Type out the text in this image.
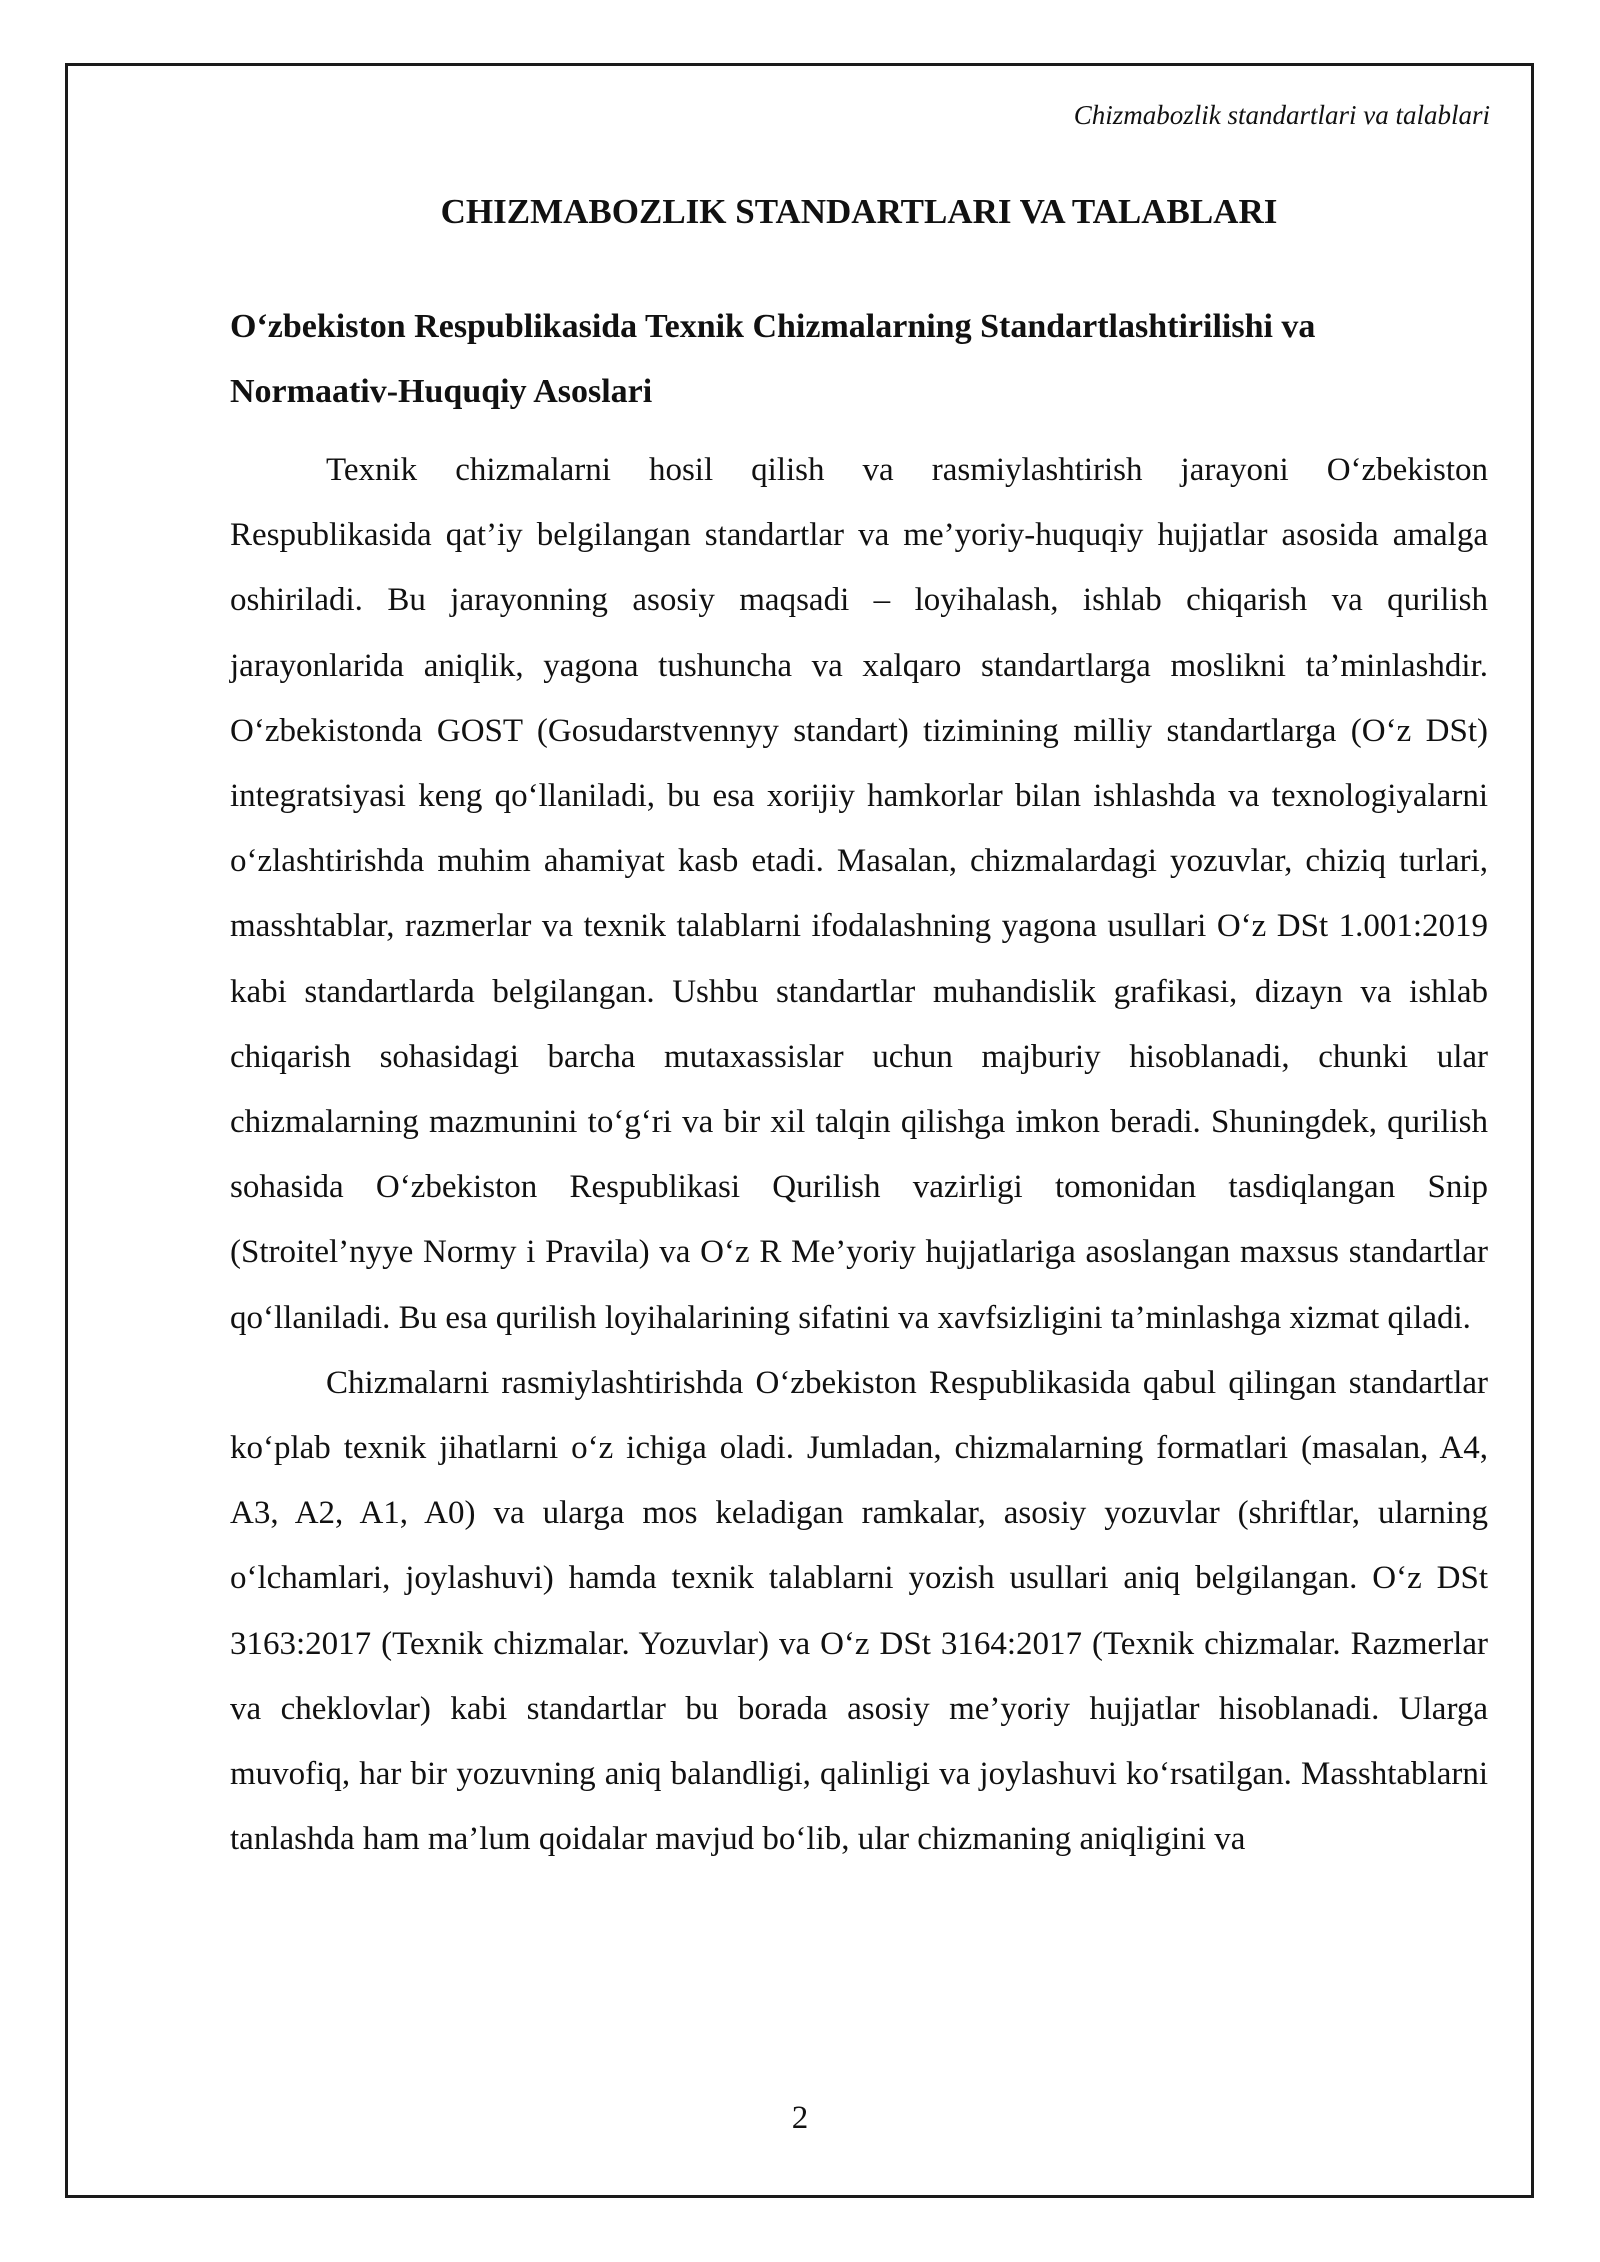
Chizmabozlik standartlari va talablari
CHIZMABOZLIK STANDARTLARI VA TALABLARI
O‘zbekiston Respublikasida Texnik Chizmalarning Standartlashtirilishi va Normaativ-Huquqiy Asoslari

Texnik chizmalarni hosil qilish va rasmiylashtirish jarayoni O‘zbekiston Respublikasida qat’iy belgilangan standartlar va me’yoriy-huquqiy hujjatlar asosida amalga oshiriladi. Bu jarayonning asosiy maqsadi – loyihalash, ishlab chiqarish va qurilish jarayonlarida aniqlik, yagona tushuncha va xalqaro standartlarga moslikni ta’minlashdir. O‘zbekistonda GOST (Gosudarstvennyy standart) tizimining milliy standartlarga (O‘z DSt) integratsiyasi keng qo‘llaniladi, bu esa xorijiy hamkorlar bilan ishlashda va texnologiyalarni o‘zlashtirishda muhim ahamiyat kasb etadi. Masalan, chizmalardagi yozuvlar, chiziq turlari, masshtablar, razmerlar va texnik talablarni ifodalashning yagona usullari O‘z DSt 1.001:2019 kabi standartlarda belgilangan. Ushbu standartlar muhandislik grafikasi, dizayn va ishlab chiqarish sohasidagi barcha mutaxassislar uchun majburiy hisoblanadi, chunki ular chizmalarning mazmunini to‘g‘ri va bir xil talqin qilishga imkon beradi. Shuningdek, qurilish sohasida O‘zbekiston Respublikasi Qurilish vazirligi tomonidan tasdiqlangan Snip (Stroitel’nyye Normy i Pravila) va O‘z R Me’yoriy hujjatlariga asoslangan maxsus standartlar qo‘llaniladi. Bu esa qurilish loyihalarining sifatini va xavfsizligini ta’minlashga xizmat qiladi.

Chizmalarni rasmiylashtirishda O‘zbekiston Respublikasida qabul qilingan standartlar ko‘plab texnik jihatlarni o‘z ichiga oladi. Jumladan, chizmalarning formatlari (masalan, A4, A3, A2, A1, A0) va ularga mos keladigan ramkalar, asosiy yozuvlar (shriftlar, ularning o‘lchamlari, joylashuvi) hamda texnik talablarni yozish usullari aniq belgilangan. O‘z DSt 3163:2017 (Texnik chizmalar. Yozuvlar) va O‘z DSt 3164:2017 (Texnik chizmalar. Razmerlar va cheklovlar) kabi standartlar bu borada asosiy me’yoriy hujjatlar hisoblanadi. Ularga muvofiq, har bir yozuvning aniq balandligi, qalinligi va joylashuvi ko‘rsatilgan. Masshtablarni tanlashda ham ma’lum qoidalar mavjud bo‘lib, ular chizmaning aniqligini va

2
